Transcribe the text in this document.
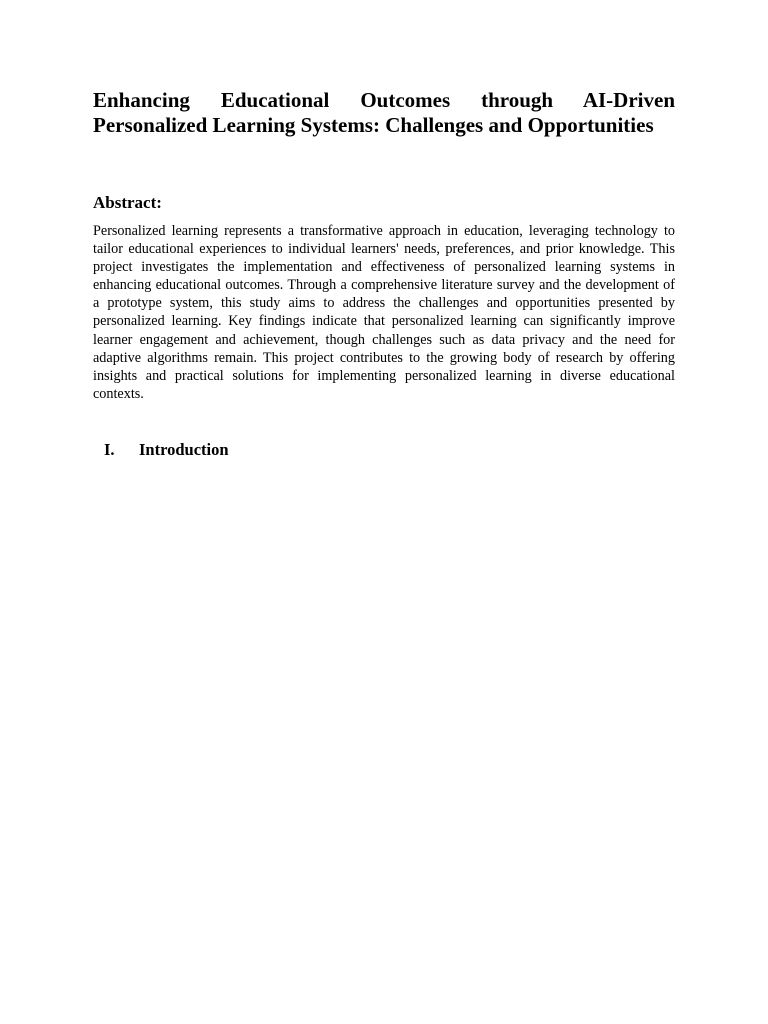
Enhancing Educational Outcomes through AI-Driven Personalized Learning Systems: Challenges and Opportunities
Abstract:

Personalized learning represents a transformative approach in education, leveraging technology to tailor educational experiences to individual learners' needs, preferences, and prior knowledge. This project investigates the implementation and effectiveness of personalized learning systems in enhancing educational outcomes. Through a comprehensive literature survey and the development of a prototype system, this study aims to address the challenges and opportunities presented by personalized learning. Key findings indicate that personalized learning can significantly improve learner engagement and achievement, though challenges such as data privacy and the need for adaptive algorithms remain. This project contributes to the growing body of research by offering insights and practical solutions for implementing personalized learning in diverse educational contexts.

I.	Introduction
